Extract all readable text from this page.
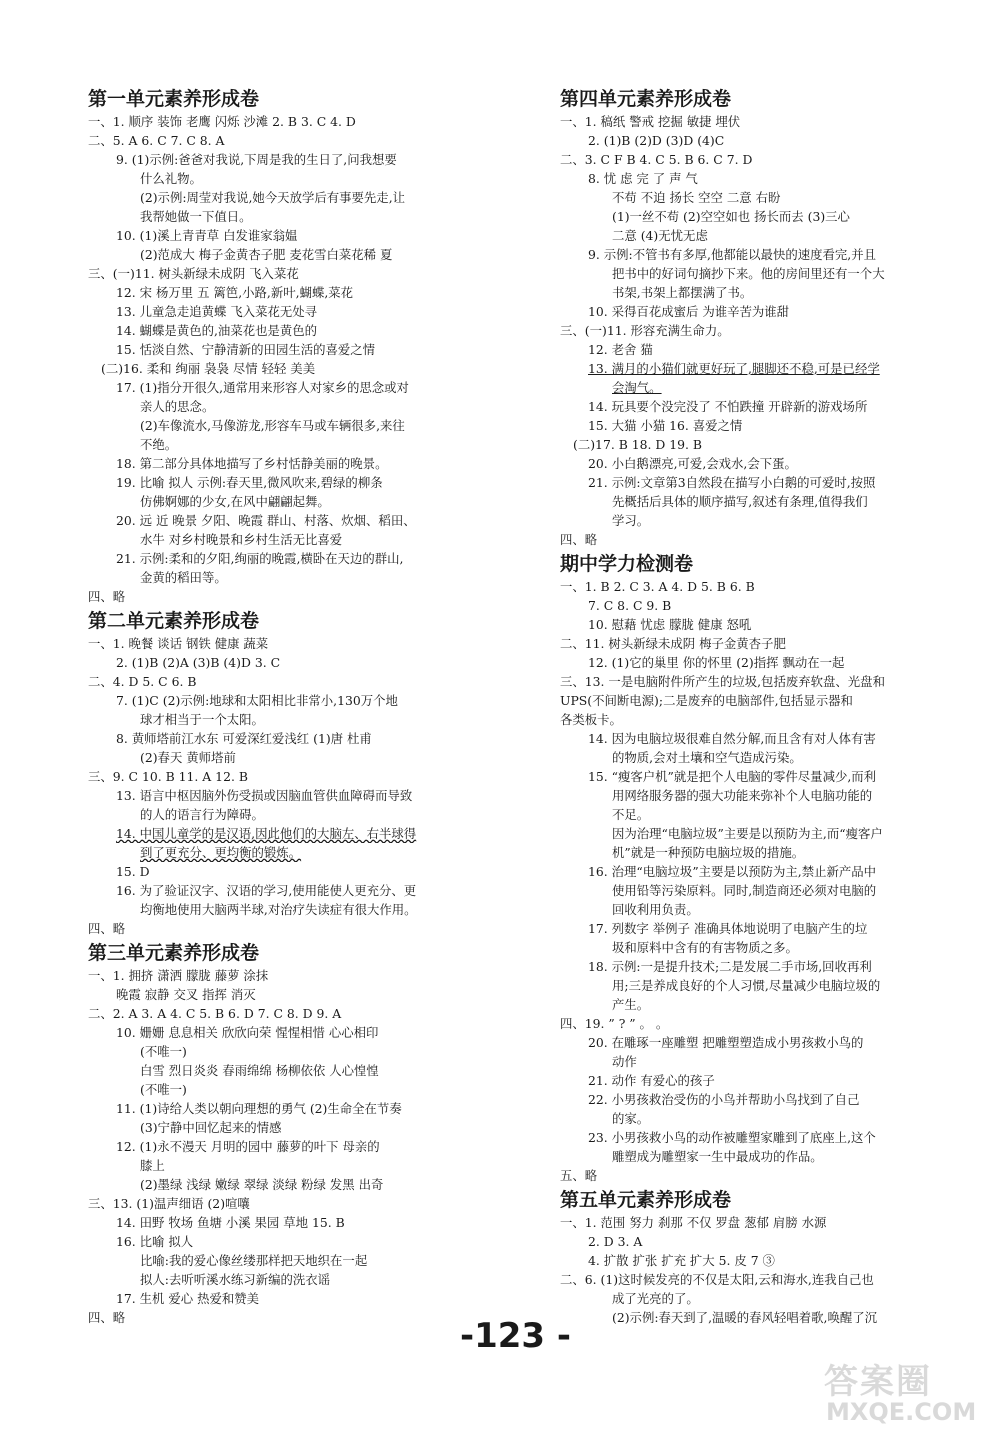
第一单元素养形成卷
一、1. 顺序 装饰 老鹰 闪烁 沙滩 2. B 3. C 4. D
二、5. A 6. C 7. C 8. A
9. (1)示例:爸爸对我说,下周是我的生日了,问我想要
什么礼物。
(2)示例:周莹对我说,她今天放学后有事要先走,让
我帮她做一下值日。
10. (1)溪上青青草 白发谁家翁媪
(2)范成大 梅子金黄杏子肥 麦花雪白菜花稀 夏
三、(一)11. 树头新绿未成阴 飞入菜花
12. 宋 杨万里 五 篱笆,小路,新叶,蝴蝶,菜花
13. 儿童急走追黄蝶 飞入菜花无处寻
14. 蝴蝶是黄色的,油菜花也是黄色的
15. 恬淡自然、宁静清新的田园生活的喜爱之情
(二)16. 柔和 绚丽 袅袅 尽情 轻轻 美美
17. (1)指分开很久,通常用来形容人对家乡的思念或对
亲人的思念。
(2)车像流水,马像游龙,形容车马或车辆很多,来往
不绝。
18. 第二部分具体地描写了乡村恬静美丽的晚景。
19. 比喻 拟人 示例:春天里,微风吹来,碧绿的柳条
仿佛婀娜的少女,在风中翩翩起舞。
20. 远 近 晚景 夕阳、晚霞 群山、村落、炊烟、稻田、
水牛 对乡村晚景和乡村生活无比喜爱
21. 示例:柔和的夕阳,绚丽的晚霞,横卧在天边的群山,
金黄的稻田等。
四、略
第二单元素养形成卷
一、1. 晚餐 谈话 钢铁 健康 蔬菜
2. (1)B (2)A (3)B (4)D 3. C
二、4. D 5. C 6. B
7. (1)C (2)示例:地球和太阳相比非常小,130万个地
球才相当于一个太阳。
8. 黄师塔前江水东 可爱深红爱浅红 (1)唐 杜甫
(2)春天 黄师塔前
三、9. C 10. B 11. A 12. B
13. 语言中枢因脑外伤受损或因脑血管供血障碍而导致
的人的语言行为障碍。
14. 中国儿童学的是汉语,因此他们的大脑左、右半球得
到了更充分、更均衡的锻炼。
15. D
16. 为了验证汉字、汉语的学习,使用能使人更充分、更
均衡地使用大脑两半球,对治疗失读症有很大作用。
四、略
第三单元素养形成卷
一、1. 拥挤 潇洒 朦胧 藤萝 涂抹
晚霞 寂静 交叉 指挥 消灭
二、2. A 3. A 4. C 5. B 6. D 7. C 8. D 9. A
10. 姗姗 息息相关 欣欣向荣 惺惺相惜 心心相印
(不唯一)
白雪 烈日炎炎 春雨绵绵 杨柳依依 人心惶惶
(不唯一)
11. (1)诗给人类以朝向理想的勇气 (2)生命全在节奏
(3)宁静中回忆起来的情感
12. (1)永不漫天 月明的园中 藤萝的叶下 母亲的
膝上
(2)墨绿 浅绿 嫩绿 翠绿 淡绿 粉绿 发黑 出奇
三、13. (1)温声细语 (2)喧嚷
14. 田野 牧场 鱼塘 小溪 果园 草地 15. B
16. 比喻 拟人
比喻:我的爱心像丝缕那样把天地织在一起
拟人:去听听溪水练习新编的洗衣谣
17. 生机 爱心 热爱和赞美
四、略
第四单元素养形成卷
一、1. 稿纸 警戒 挖掘 敏捷 埋伏
2. (1)B (2)D (3)D (4)C
二、3. C F B 4. C 5. B 6. C 7. D
8. 忧 虑 完 了 声 气
不苟 不迫 扬长 空空 二意 右盼
(1)一丝不苟 (2)空空如也 扬长而去 (3)三心
二意 (4)无忧无虑
9. 示例:不管书有多厚,他都能以最快的速度看完,并且
把书中的好词句摘抄下来。他的房间里还有一个大
书架,书架上都摆满了书。
10. 采得百花成蜜后 为谁辛苦为谁甜
三、(一)11. 形容充满生命力。
12. 老舍 猫
13. 满月的小猫们就更好玩了,腿脚还不稳,可是已经学
会淘气。
14. 玩具要个没完没了 不怕跌撞 开辟新的游戏场所
15. 大猫 小猫 16. 喜爱之情
(二)17. B 18. D 19. B
20. 小白鹅漂亮,可爱,会戏水,会下蛋。
21. 示例:文章第3自然段在描写小白鹅的可爱时,按照
先概括后具体的顺序描写,叙述有条理,值得我们
学习。
四、略
期中学力检测卷
一、1. B 2. C 3. A 4. D 5. B 6. B
7. C 8. C 9. B
10. 慰藉 忧虑 朦胧 健康 怒吼
二、11. 树头新绿未成阴 梅子金黄杏子肥
12. (1)它的巢里 你的怀里 (2)指挥 飘动在一起
三、13. 一是电脑附件所产生的垃圾,包括废弃软盘、光盘和
UPS(不间断电源);二是废弃的电脑部件,包括显示器和
各类板卡。
14. 因为电脑垃圾很难自然分解,而且含有对人体有害
的物质,会对土壤和空气造成污染。
15. “瘦客户机”就是把个人电脑的零件尽量减少,而利
用网络服务器的强大功能来弥补个人电脑功能的
不足。
因为治理“电脑垃圾”主要是以预防为主,而“瘦客户
机”就是一种预防电脑垃圾的措施。
16. 治理“电脑垃圾”主要是以预防为主,禁止新产品中
使用铅等污染原料。同时,制造商还必须对电脑的
回收利用负责。
17. 列数字 举例子 准确具体地说明了电脑产生的垃
圾和原料中含有的有害物质之多。
18. 示例:一是提升技术;二是发展二手市场,回收再利
用;三是养成良好的个人习惯,尽量减少电脑垃圾的
产生。
四、19. ” ? ” 。 。
20. 在雕琢一座雕塑 把雕塑塑造成小男孩救小鸟的
动作
21. 动作 有爱心的孩子
22. 小男孩救治受伤的小鸟并帮助小鸟找到了自己
的家。
23. 小男孩救小鸟的动作被雕塑家雕到了底座上,这个
雕塑成为雕塑家一生中最成功的作品。
五、略
第五单元素养形成卷
一、1. 范围 努力 刹那 不仅 罗盘 葱郁 肩膀 水源
2. D 3. A
4. 扩散 扩张 扩充 扩大 5. 皮 7 ③
二、6. (1)这时候发亮的不仅是太阳,云和海水,连我自己也
成了光亮的了。
(2)示例:春天到了,温暖的春风轻唱着歌,唤醒了沉
-123 -
答案圈
MXQE.COM
